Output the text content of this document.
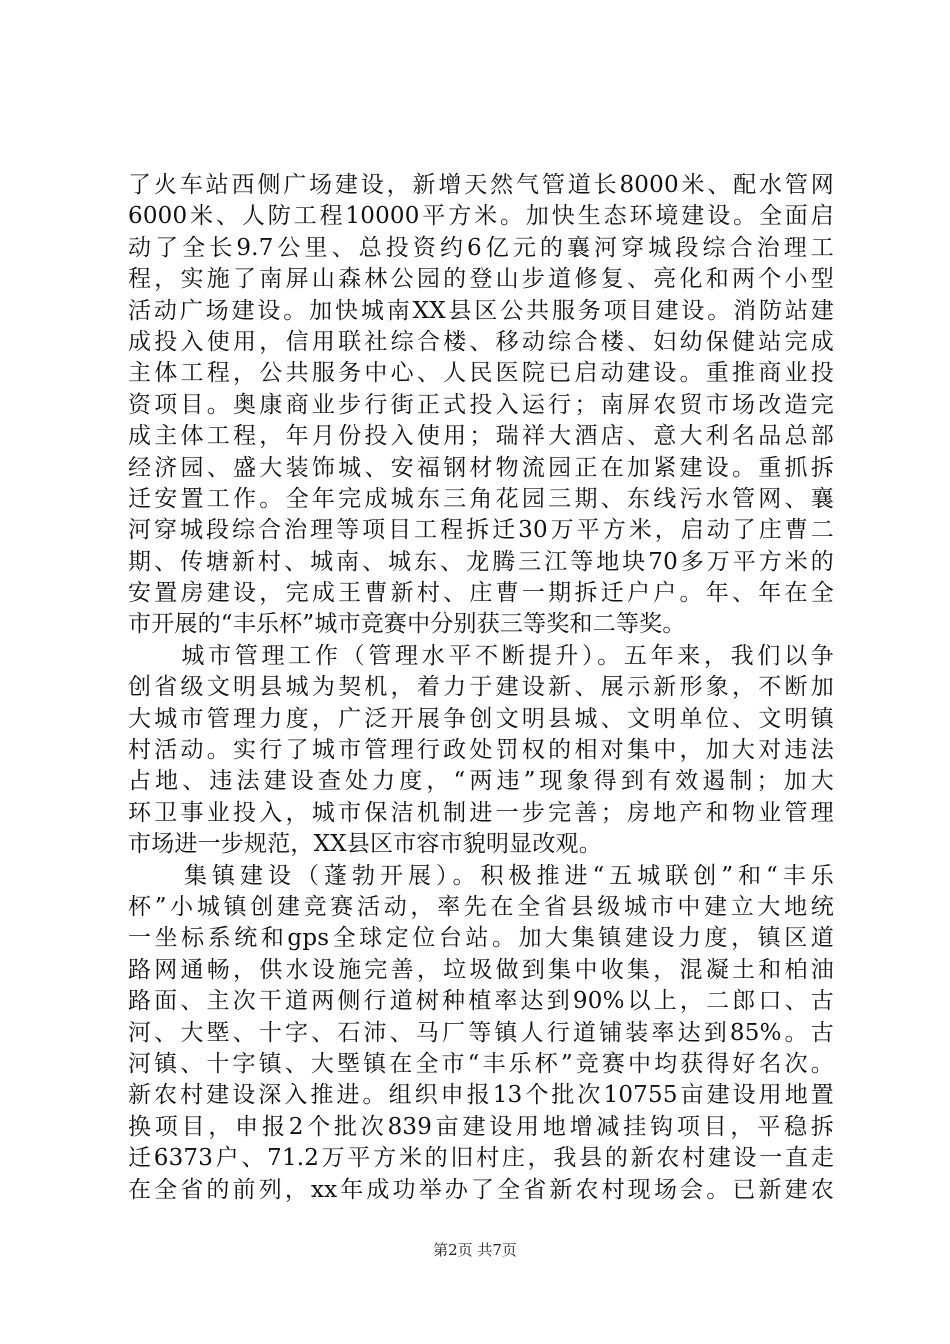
了火车站西侧广场建设，新增天然气管道长8000米、配水管网
6000米、人防工程10000平方米。加快生态环境建设。全面启
动了全长9.7公里、总投资约6亿元的襄河穿城段综合治理工
程，实施了南屏山森林公园的登山步道修复、亮化和两个小型
活动广场建设。加快城南XX县区公共服务项目建设。消防站建
成投入使用，信用联社综合楼、移动综合楼、妇幼保健站完成
主体工程，公共服务中心、人民医院已启动建设。重推商业投
资项目。奥康商业步行街正式投入运行；南屏农贸市场改造完
成主体工程，年月份投入使用；瑞祥大酒店、意大利名品总部
经济园、盛大装饰城、安福钢材物流园正在加紧建设。重抓拆
迁安置工作。全年完成城东三角花园三期、东线污水管网、襄
河穿城段综合治理等项目工程拆迁30万平方米，启动了庄曹二
期、传塘新村、城南、城东、龙腾三江等地块70多万平方米的
安置房建设，完成王曹新村、庄曹一期拆迁户户。年、年在全
市开展的“丰乐杯”城市竞赛中分别获三等奖和二等奖。
　　城市管理工作（管理水平不断提升）。五年来，我们以争
创省级文明县城为契机，着力于建设新、展示新形象，不断加
大城市管理力度，广泛开展争创文明县城、文明单位、文明镇
村活动。实行了城市管理行政处罚权的相对集中，加大对违法
占地、违法建设查处力度，“两违”现象得到有效遏制；加大
环卫事业投入，城市保洁机制进一步完善；房地产和物业管理
市场进一步规范，XX县区市容市貌明显改观。
　　集镇建设（蓬勃开展）。积极推进“五城联创”和“丰乐
杯”小城镇创建竞赛活动，率先在全省县级城市中建立大地统
一坐标系统和gps全球定位台站。加大集镇建设力度，镇区道
路网通畅，供水设施完善，垃圾做到集中收集，混凝土和柏油
路面、主次干道两侧行道树种植率达到90%以上，二郎口、古
河、大塈、十字、石沛、马厂等镇人行道铺装率达到85%。古
河镇、十字镇、大塈镇在全市“丰乐杯”竞赛中均获得好名次。
新农村建设深入推进。组织申报13个批次10755亩建设用地置
换项目，申报2个批次839亩建设用地增减挂钩项目，平稳拆
迁6373户、71.2万平方米的旧村庄，我县的新农村建设一直走
在全省的前列，xx年成功举办了全省新农村现场会。已新建农
第2页 共7页
